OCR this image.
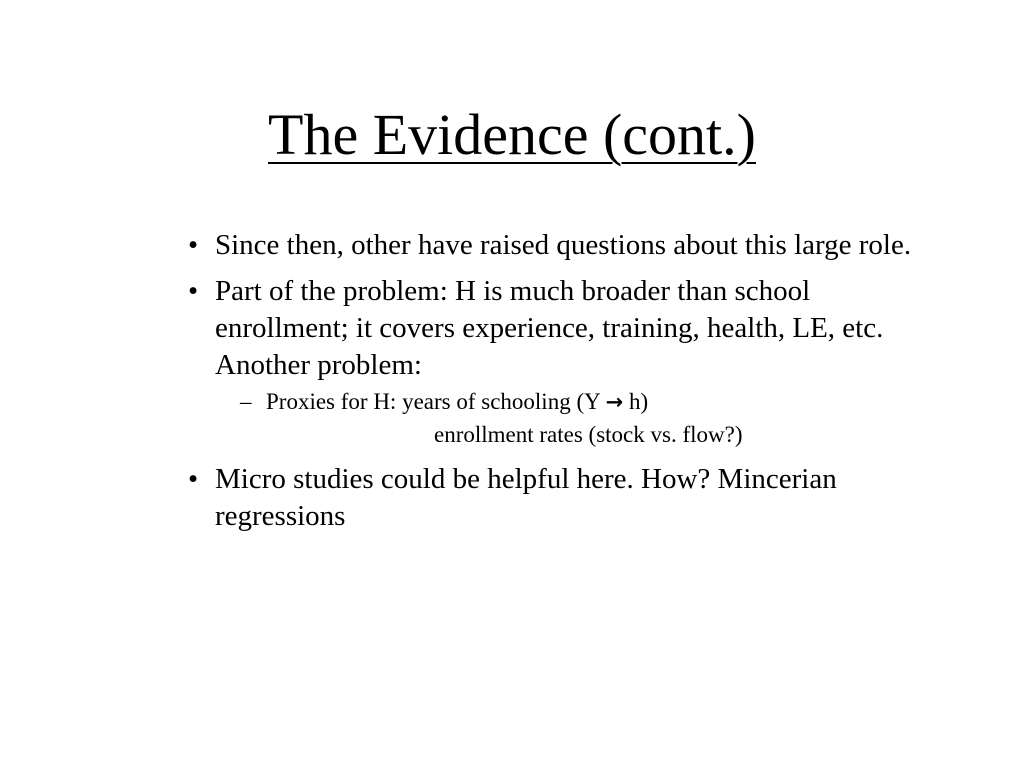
The Evidence (cont.)
• Since then, other have raised questions about this large role.
• Part of the problem: H is much broader than school enrollment; it covers experience, training, health, LE, etc. Another problem:
– Proxies for H: years of schooling (Y → h)
enrollment rates (stock vs. flow?)
• Micro studies could be helpful here. How? Mincerian regressions
